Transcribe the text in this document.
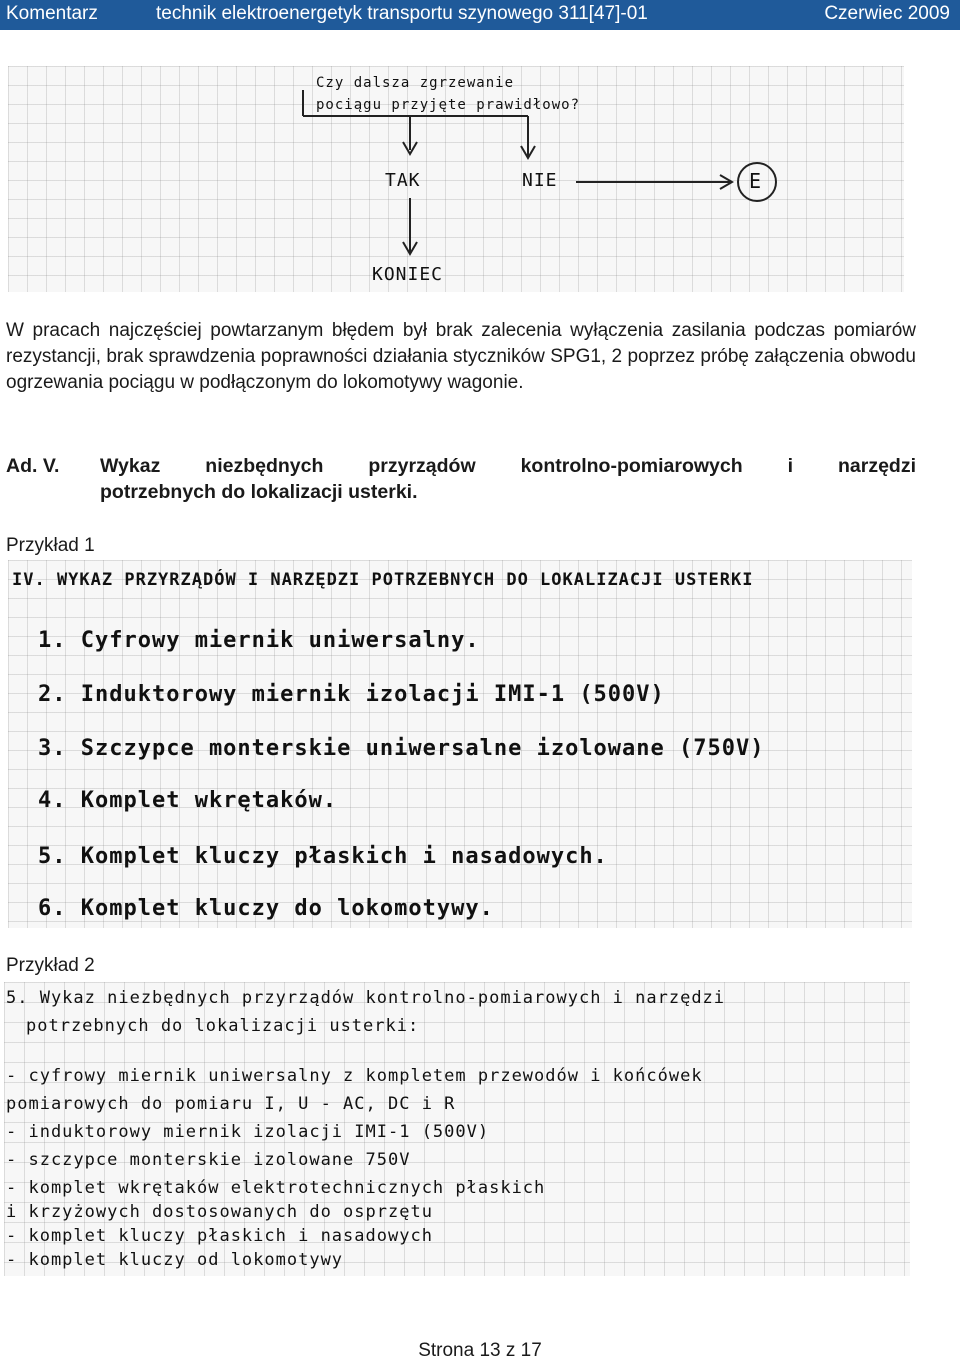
Komentarz	technik elektroenergetyk transportu szynowego 311[47]-01	Czerwiec 2009
Czy dalsza zgrzewanie pociągu przyjęte prawidłowo?
TAK	NIE	E
KONIEC
W pracach najczęściej powtarzanym błędem był brak zalecenia wyłączenia zasilania podczas pomiarów rezystancji, brak sprawdzenia poprawności działania styczników SPG1, 2 poprzez próbę załączenia obwodu ogrzewania pociągu w podłączonym do lokomotywy wagonie.
Ad. V. Wykaz niezbędnych przyrządów kontrolno-pomiarowych i narzędzi
potrzebnych do lokalizacji usterki.
Przykład 1
IV. WYKAZ PRZYRZĄDÓW I NARZĘDZI POTRZEBNYCH DO LOKALIZACJI USTERKI
1. Cyfrowy miernik uniwersalny.
2. Induktorowy miernik izolacji IMI-1 (500V)
3. Szczypce monterskie uniwersalne izolowane (750V)
4. Komplet wkrętaków.
5. Komplet kluczy płaskich i nasadowych.
6. Komplet kluczy do lokomotywy.
Przykład 2
5. Wykaz niezbędnych przyrządów kontrolno-pomiarowych i narzędzi
potrzebnych do lokalizacji usterki:
- cyfrowy miernik uniwersalny z kompletem przewodów i końcówek
pomiarowych do pomiaru I, U - AC, DC i R
- induktorowy miernik izolacji IMI-1 (500V)
- szczypce monterskie izolowane 750V
- komplet wkrętaków elektrotechnicznych płaskich
i krzyżowych dostosowanych do osprzętu
- komplet kluczy płaskich i nasadowych
- komplet kluczy od lokomotywy
Strona 13 z 17
